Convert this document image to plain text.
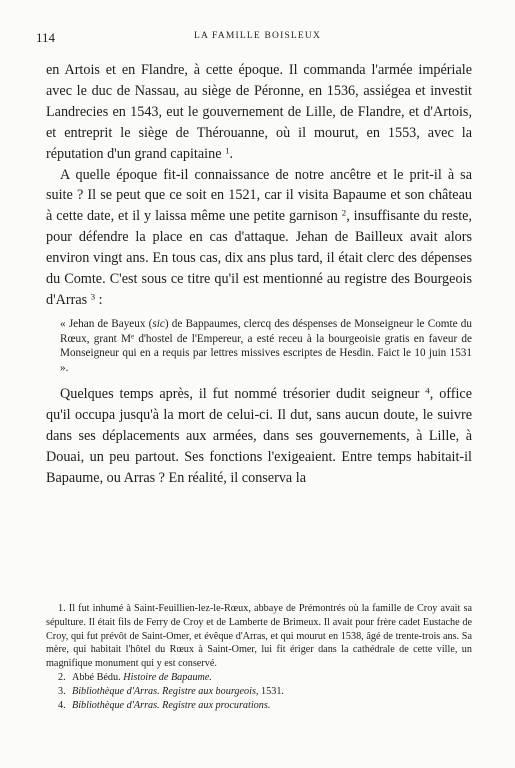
114	LA FAMILLE BOISLEUX

en Artois et en Flandre, à cette époque. Il commanda l'armée impériale avec le duc de Nassau, au siège de Péronne, en 1536, assiégea et investit Landrecies en 1543, eut le gouvernement de Lille, de Flandre, et d'Artois, et entreprit le siège de Thérouanne, où il mourut, en 1553, avec la réputation d'un grand capitaine $^1$.

A quelle époque fit-il connaissance de notre ancêtre et le prit-il à sa suite ? Il se peut que ce soit en 1521, car il visita Bapaume et son château à cette date, et il y laissa même une petite garnison $^2$, insuffisante du reste, pour défendre la place en cas d'attaque. Jehan de Bailleux avait alors environ vingt ans. En tous cas, dix ans plus tard, il était clerc des dépenses du Comte. C'est sous ce titre qu'il est mentionné au registre des Bourgeois d'Arras $^3$ :

« Jehan de Bayeux (sic) de Bappaumes, clercq des déspenses de Monseigneur le Comte du Rœux, grant Me d'hostel de l'Empereur, a esté receu à la bourgeoisie gratis en faveur de Monseigneur qui en a requis par lettres missives escriptes de Hesdin. Faict le 10 juin 1531 ».

Quelques temps après, il fut nommé trésorier dudit seigneur $^4$, office qu'il occupa jusqu'à la mort de celui-ci. Il dut, sans aucun doute, le suivre dans ses déplacements aux armées, dans ses gouvernements, à Lille, à Douai, un peu partout. Ses fonctions l'exigeaient. Entre temps habitait-il Bapaume, ou Arras ? En réalité, il conserva la

1. Il fut inhumé à Saint-Feuillien-lez-le-Rœux, abbaye de Prémontrés où la famille de Croy avait sa sépulture. Il était fils de Ferry de Croy et de Lamberte de Brimeux. Il avait pour frère cadet Eustache de Croy, qui fut prévôt de Saint-Omer, et évêque d'Arras, et qui mourut en 1538, âgé de trente-trois ans. Sa mère, qui habitait l'hôtel du Rœux à Saint-Omer, lui fit ériger dans la cathédrale de cette ville, un magnifique monument qui y est conservé.

2. Abbé Bédu. Histoire de Bapaume.

3. Bibliothèque d'Arras. Registre aux bourgeois, 1531.

4. Bibliothèque d'Arras. Registre aux procurations.
